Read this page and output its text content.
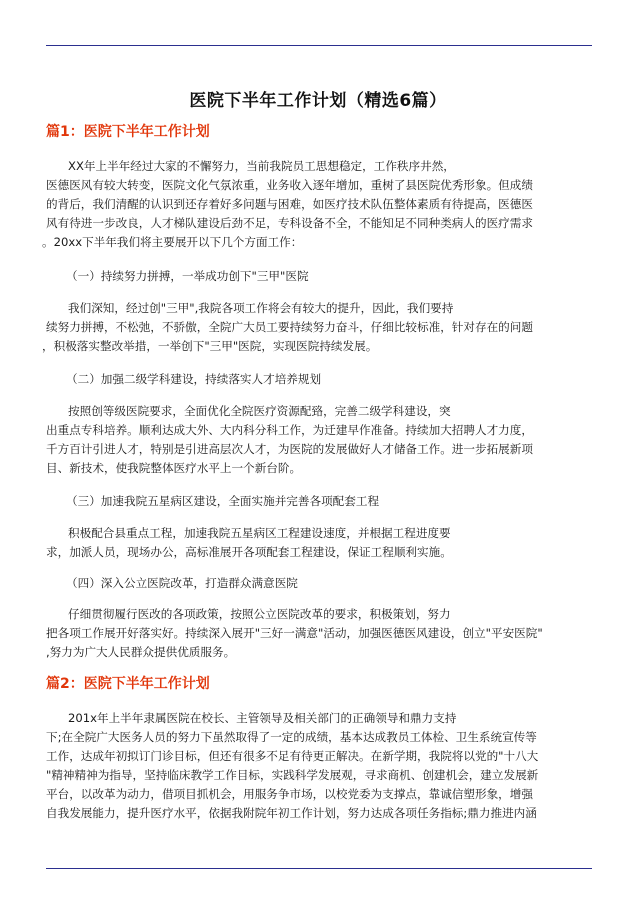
医院下半年工作计划（精选6篇）
篇1：医院下半年工作计划
XX年上半年经过大家的不懈努力，当前我院员工思想稳定，工作秩序井然，
医德医风有较大转变，医院文化气氛浓重，业务收入逐年增加，重树了县医院优秀形象。但成绩
的背后，我们清醒的认识到还存着好多问题与困难，如医疗技术队伍整体素质有待提高，医德医
风有待进一步改良，人才梯队建设后劲不足，专科设备不全，不能知足不同种类病人的医疗需求
。20xx下半年我们将主要展开以下几个方面工作：
（一）持续努力拼搏，一举成功创下"三甲"医院
我们深知，经过创"三甲",我院各项工作将会有较大的提升，因此，我们要持
续努力拼搏，不松弛，不骄傲，全院广大员工要持续努力奋斗，仔细比较标准，针对存在的问题
，积极落实整改举措，一举创下"三甲"医院，实现医院持续发展。
（二）加强二级学科建设，持续落实人才培养规划
按照创等级医院要求，全面优化全院医疗资源配臵，完善二级学科建设，突
出重点专科培养。顺利达成大外、大内科分科工作，为迁建早作准备。持续加大招聘人才力度，
千方百计引进人才，特别是引进高层次人才，为医院的发展做好人才储备工作。进一步拓展新项
目、新技术，使我院整体医疗水平上一个新台阶。
（三）加速我院五星病区建设，全面实施并完善各项配套工程
积极配合县重点工程，加速我院五星病区工程建设速度，并根据工程进度要
求，加派人员，现场办公，高标准展开各项配套工程建设，保证工程顺利实施。
（四）深入公立医院改革，打造群众满意医院
仔细贯彻履行医改的各项政策，按照公立医院改革的要求，积极策划，努力
把各项工作展开好落实好。持续深入展开"三好一满意"活动，加强医德医风建设，创立"平安医院"
,努力为广大人民群众提供优质服务。
篇2：医院下半年工作计划
201x年上半年隶属医院在校长、主管领导及相关部门的正确领导和鼎力支持
下;在全院广大医务人员的努力下虽然取得了一定的成绩，基本达成教员工体检、卫生系统宣传等
工作，达成年初拟订门诊目标，但还有很多不足有待更正解决。在新学期，我院将以党的"十八大
"精神精神为指导，坚持临床教学工作目标，实践科学发展观，寻求商机、创建机会，建立发展新
平台，以改革为动力，借项目抓机会，用服务争市场，以校党委为支撑点，靠诚信塑形象，增强
自我发展能力，提升医疗水平，依据我附院年初工作计划，努力达成各项任务指标;鼎力推进内涵
